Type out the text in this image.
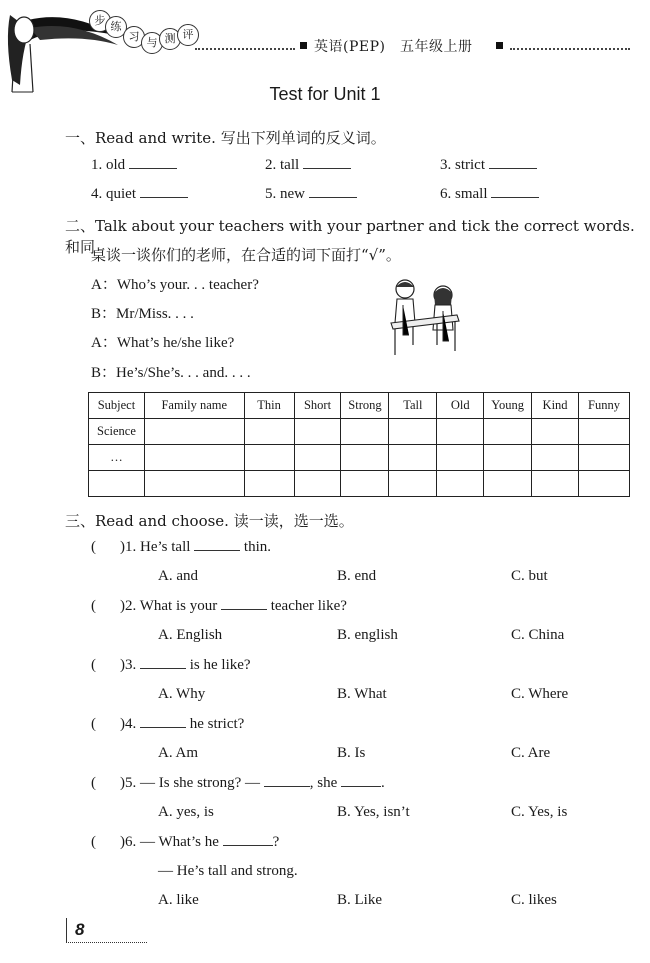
步 练
习 与 测 评
英语(PEP)　五年级上册
Test for Unit 1
一、Read and write. 写出下列单词的反义词。
1. old	2. tall	3. strict
4. quiet	5. new	6. small
二、Talk about your teachers with your partner and tick the correct words. 和同
桌谈一谈你们的老师，在合适的词下面打“√”。
A：Who’s your. . . teacher?
B：Mr/Miss. . . .
A：What’s he/she like?
B：He’s/She’s. . . and. . . .
Subject	Family name	Thin	Short	Strong	Tall	Old	Young	Kind	Funny
Science									
…									

三、Read and choose. 读一读，选一选。
( )1. He’s tall	thin.
A. and	B. end	C. but
( )2. What is your	teacher like?
A. English	B. english	C. China
( )3.	is he like?
A. Why	B. What	C. Where
( )4.	he strict?
A. Am	B. Is	C. Are
( )5. — Is she strong? —	, she	.
A. yes, is	B. Yes, isn’t	C. Yes, is
( )6. — What’s he	?
— He’s tall and strong.
A. like	B. Like	C. likes
8
